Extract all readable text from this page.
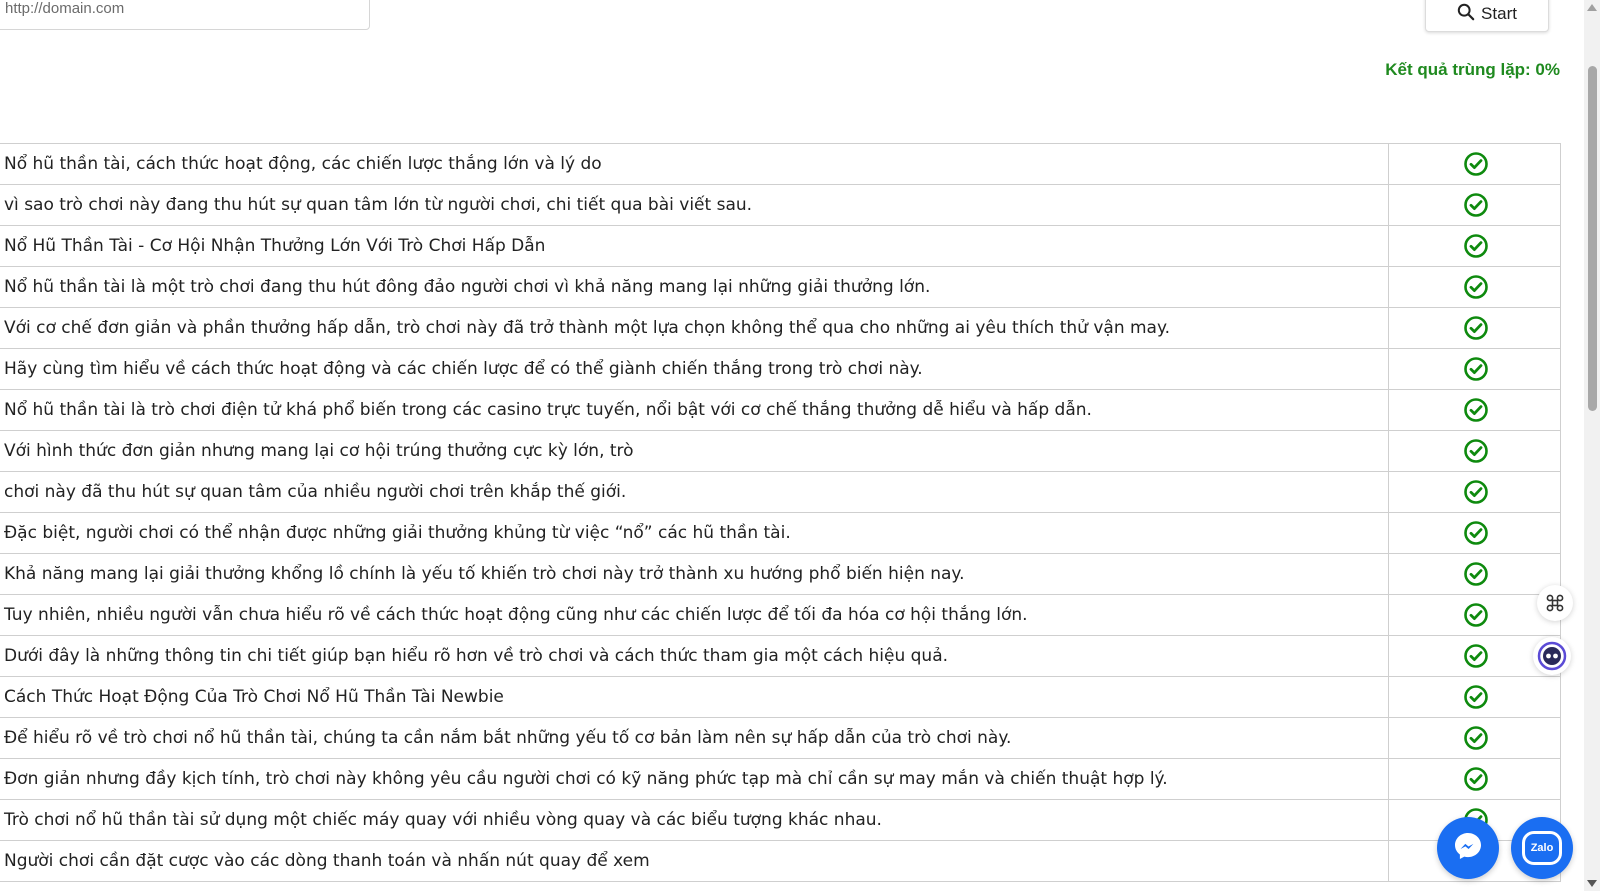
http://domain.com
Start
Kết quả trùng lặp: 0%
Nổ hũ thần tài, cách thức hoạt động, các chiến lược thắng lớn và lý do	
vì sao trò chơi này đang thu hút sự quan tâm lớn từ người chơi, chi tiết qua bài viết sau.	
Nổ Hũ Thần Tài - Cơ Hội Nhận Thưởng Lớn Với Trò Chơi Hấp Dẫn	
Nổ hũ thần tài là một trò chơi đang thu hút đông đảo người chơi vì khả năng mang lại những giải thưởng lớn.	
Với cơ chế đơn giản và phần thưởng hấp dẫn, trò chơi này đã trở thành một lựa chọn không thể qua cho những ai yêu thích thử vận may.	
Hãy cùng tìm hiểu về cách thức hoạt động và các chiến lược để có thể giành chiến thắng trong trò chơi này.	
Nổ hũ thần tài là trò chơi điện tử khá phổ biến trong các casino trực tuyến, nổi bật với cơ chế thắng thưởng dễ hiểu và hấp dẫn.	
Với hình thức đơn giản nhưng mang lại cơ hội trúng thưởng cực kỳ lớn, trò	
chơi này đã thu hút sự quan tâm của nhiều người chơi trên khắp thế giới.	
Đặc biệt, người chơi có thể nhận được những giải thưởng khủng từ việc “nổ” các hũ thần tài.	
Khả năng mang lại giải thưởng khổng lồ chính là yếu tố khiến trò chơi này trở thành xu hướng phổ biến hiện nay.	
Tuy nhiên, nhiều người vẫn chưa hiểu rõ về cách thức hoạt động cũng như các chiến lược để tối đa hóa cơ hội thắng lớn.	
Dưới đây là những thông tin chi tiết giúp bạn hiểu rõ hơn về trò chơi và cách thức tham gia một cách hiệu quả.	
Cách Thức Hoạt Động Của Trò Chơi Nổ Hũ Thần Tài Newbie	
Để hiểu rõ về trò chơi nổ hũ thần tài, chúng ta cần nắm bắt những yếu tố cơ bản làm nên sự hấp dẫn của trò chơi này.	
Đơn giản nhưng đầy kịch tính, trò chơi này không yêu cầu người chơi có kỹ năng phức tạp mà chỉ cần sự may mắn và chiến thuật hợp lý.	
Trò chơi nổ hũ thần tài sử dụng một chiếc máy quay với nhiều vòng quay và các biểu tượng khác nhau.	
Người chơi cần đặt cược vào các dòng thanh toán và nhấn nút quay để xem	
Zalo
